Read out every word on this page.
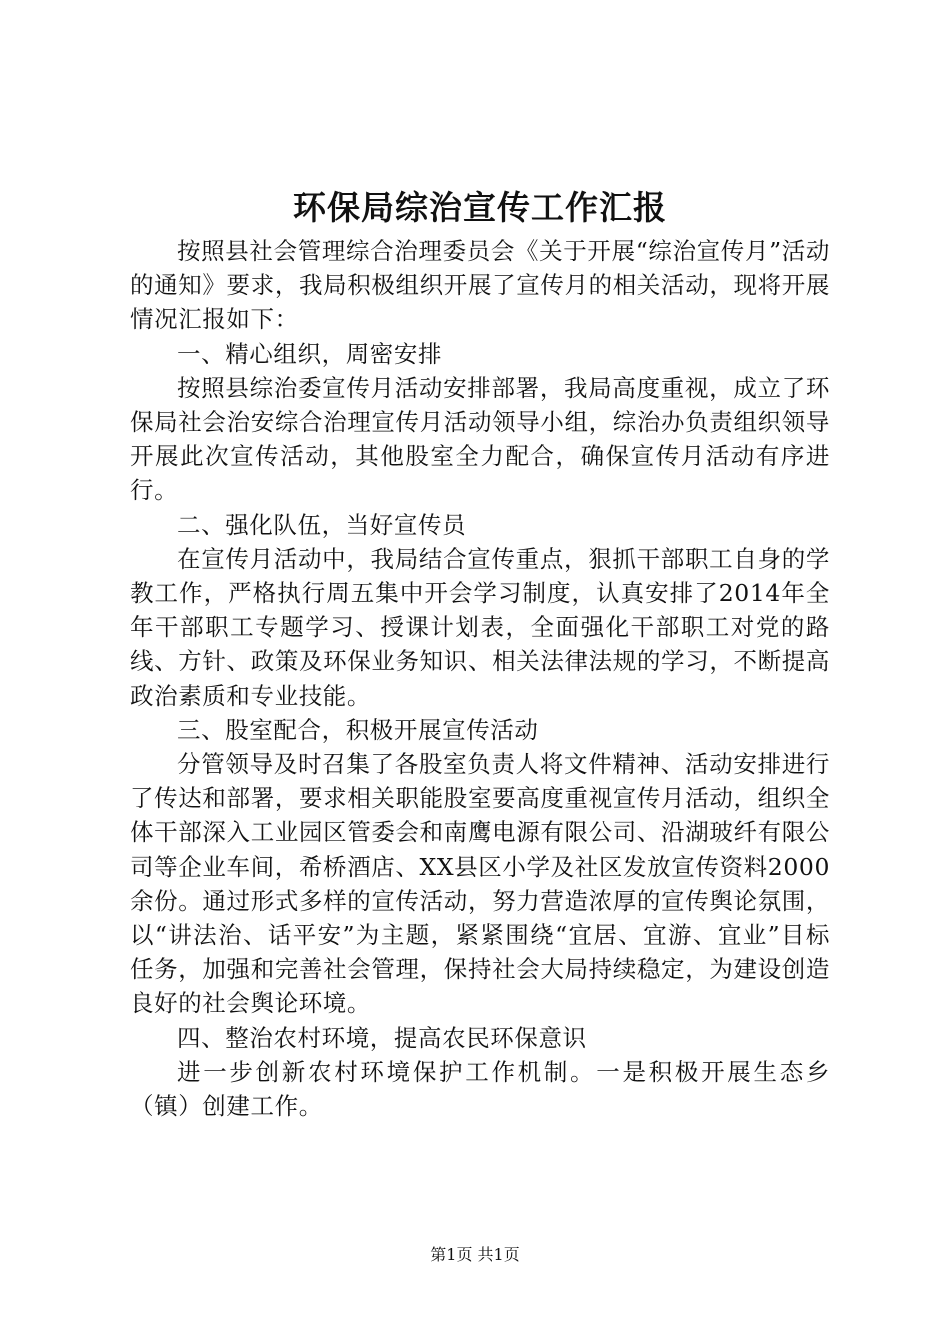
环保局综治宣传工作汇报

按照县社会管理综合治理委员会《关于开展“综治宣传月”活动的通知》要求，我局积极组织开展了宣传月的相关活动，现将开展情况汇报如下：

一、精心组织，周密安排

按照县综治委宣传月活动安排部署，我局高度重视，成立了环保局社会治安综合治理宣传月活动领导小组，综治办负责组织领导开展此次宣传活动，其他股室全力配合，确保宣传月活动有序进行。

二、强化队伍，当好宣传员

在宣传月活动中，我局结合宣传重点，狠抓干部职工自身的学教工作，严格执行周五集中开会学习制度，认真安排了2014年全年干部职工专题学习、授课计划表，全面强化干部职工对党的路线、方针、政策及环保业务知识、相关法律法规的学习，不断提高政治素质和专业技能。

三、股室配合，积极开展宣传活动

分管领导及时召集了各股室负责人将文件精神、活动安排进行了传达和部署，要求相关职能股室要高度重视宣传月活动，组织全体干部深入工业园区管委会和南鹰电源有限公司、沿湖玻纤有限公司等企业车间，希桥酒店、XX县区小学及社区发放宣传资料2000余份。通过形式多样的宣传活动，努力营造浓厚的宣传舆论氛围，以“讲法治、话平安”为主题，紧紧围绕“宜居、宜游、宜业”目标任务，加强和完善社会管理，保持社会大局持续稳定，为建设创造良好的社会舆论环境。

四、整治农村环境，提高农民环保意识

进一步创新农村环境保护工作机制。一是积极开展生态乡（镇）创建工作。

第1页 共1页
